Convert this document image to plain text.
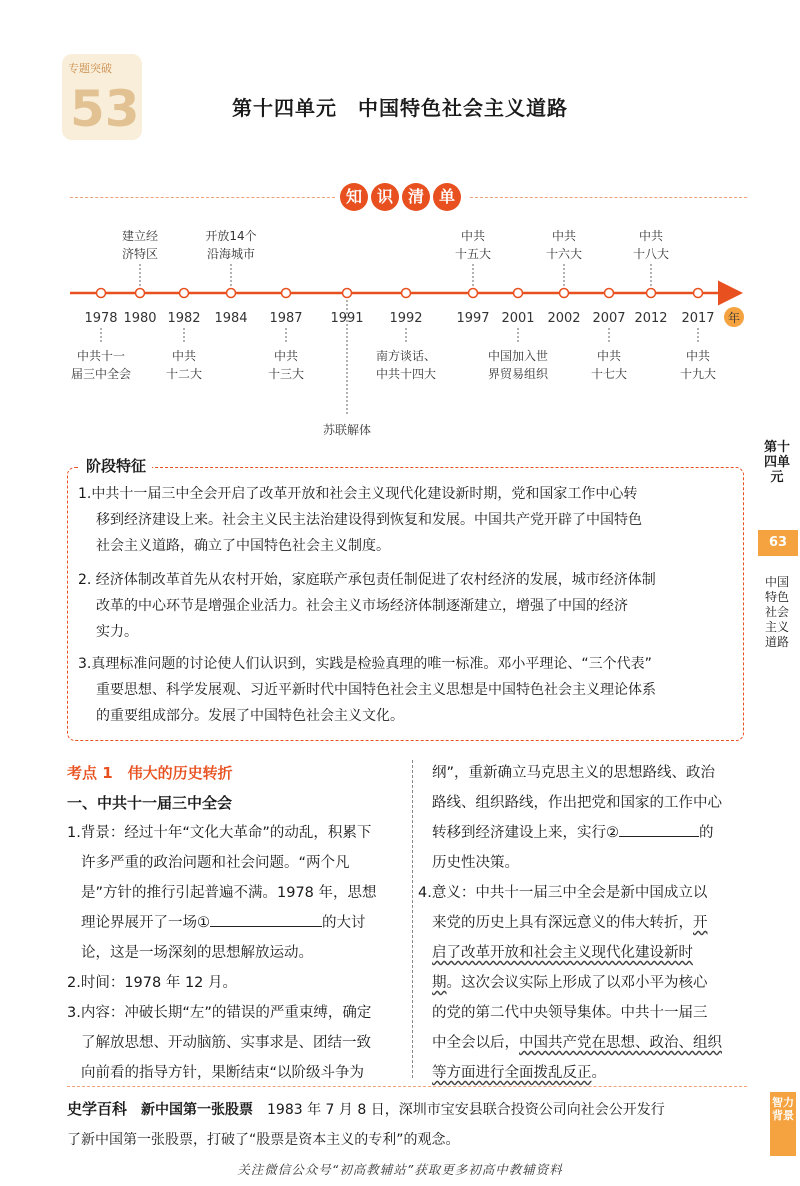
专题突破
53	第十四单元　中国特色社会主义道路
知 识 清 单
1978 1980 1982 1984 1987 1991 1992	1997 2001 2002 2007 2012 2017
建立经
济特区
开放14个
沿海城市
中共
十五大
中共
十六大
中共
十八大
中共十一
届三中全会
中共
十二大
中共
十三大
南方谈话、
中共十四大
中国加入世
界贸易组织
中共
十七大
中共
十九大
苏联解体
年
阶段特征
1.中共十一届三中全会开启了改革开放和社会主义现代化建设新时期，党和国家工作中心转
移到经济建设上来。社会主义民主法治建设得到恢复和发展。中国共产党开辟了中国特色
社会主义道路，确立了中国特色社会主义制度。
2. 经济体制改革首先从农村开始，家庭联产承包责任制促进了农村经济的发展，城市经济体制
改革的中心环节是增强企业活力。社会主义市场经济体制逐渐建立，增强了中国的经济
实力。
3.真理标准问题的讨论使人们认识到，实践是检验真理的唯一标准。邓小平理论、“三个代表”
重要思想、科学发展观、习近平新时代中国特色社会主义思想是中国特色社会主义理论体系
的重要组成部分。发展了中国特色社会主义文化。
第十四单元
63
中国特色社会主义道路
考点 1　伟大的历史转折
一、中共十一届三中全会
1.背景：经过十年“文化大革命”的动乱，积累下
许多严重的政治问题和社会问题。“两个凡
是”方针的推行引起普遍不满。1978 年，思想
理论界展开了一场①	的大讨
论，这是一场深刻的思想解放运动。
2.时间：1978 年 12 月。
3.内容：冲破长期“左”的错误的严重束缚，确定
了解放思想、开动脑筋、实事求是、团结一致
向前看的指导方针，果断结束“以阶级斗争为
纲”，重新确立马克思主义的思想路线、政治
路线、组织路线，作出把党和国家的工作中心
转移到经济建设上来，实行②	的
历史性决策。
4.意义：中共十一届三中全会是新中国成立以
来党的历史上具有深远意义的伟大转折，开
启了改革开放和社会主义现代化建设新时
期。这次会议实际上形成了以邓小平为核心
的党的第二代中央领导集体。中共十一届三
中全会以后，中国共产党在思想、政治、组织
等方面进行全面拨乱反正。
史学百科　 新中国第一张股票　 1983 年 7 月 8 日，深圳市宝安县联合投资公司向社会公开发行
了新中国第一张股票，打破了“股票是资本主义的专利”的观念。
智力背景
关注微信公众号“初高教辅站”获取更多初高中教辅资料
